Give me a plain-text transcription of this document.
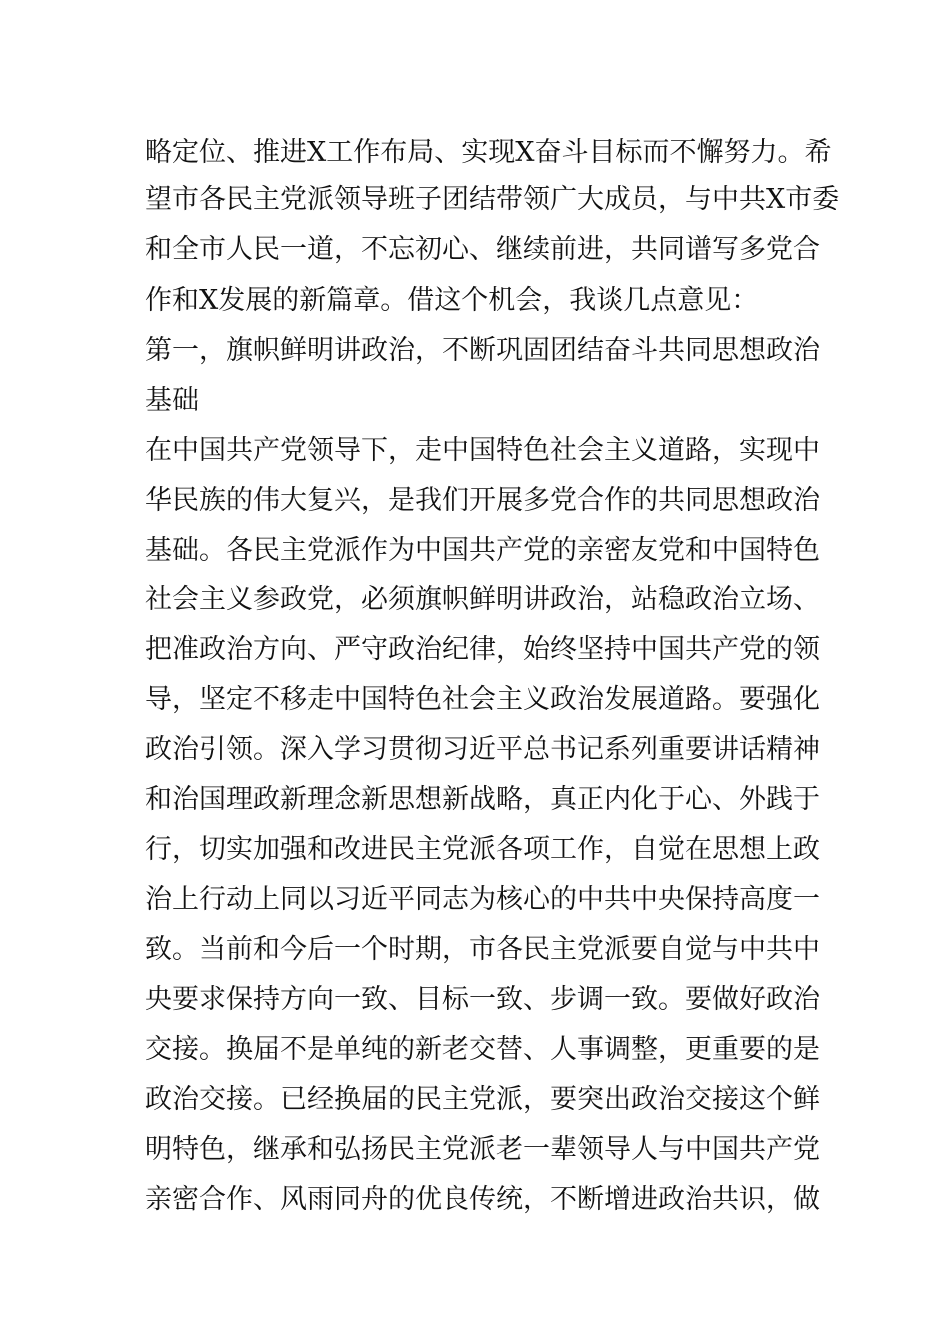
略定位、推进X工作布局、实现X奋斗目标而不懈努力。希
望市各民主党派领导班子团结带领广大成员，与中共X市委
和全市人民一道，不忘初心、继续前进，共同谱写多党合
作和X发展的新篇章。借这个机会，我谈几点意见：
第一，旗帜鲜明讲政治，不断巩固团结奋斗共同思想政治
基础
在中国共产党领导下，走中国特色社会主义道路，实现中
华民族的伟大复兴，是我们开展多党合作的共同思想政治
基础。各民主党派作为中国共产党的亲密友党和中国特色
社会主义参政党，必须旗帜鲜明讲政治，站稳政治立场、
把准政治方向、严守政治纪律，始终坚持中国共产党的领
导，坚定不移走中国特色社会主义政治发展道路。要强化
政治引领。深入学习贯彻习近平总书记系列重要讲话精神
和治国理政新理念新思想新战略，真正内化于心、外践于
行，切实加强和改进民主党派各项工作，自觉在思想上政
治上行动上同以习近平同志为核心的中共中央保持高度一
致。当前和今后一个时期，市各民主党派要自觉与中共中
央要求保持方向一致、目标一致、步调一致。要做好政治
交接。换届不是单纯的新老交替、人事调整，更重要的是
政治交接。已经换届的民主党派，要突出政治交接这个鲜
明特色，继承和弘扬民主党派老一辈领导人与中国共产党
亲密合作、风雨同舟的优良传统，不断增进政治共识，做
